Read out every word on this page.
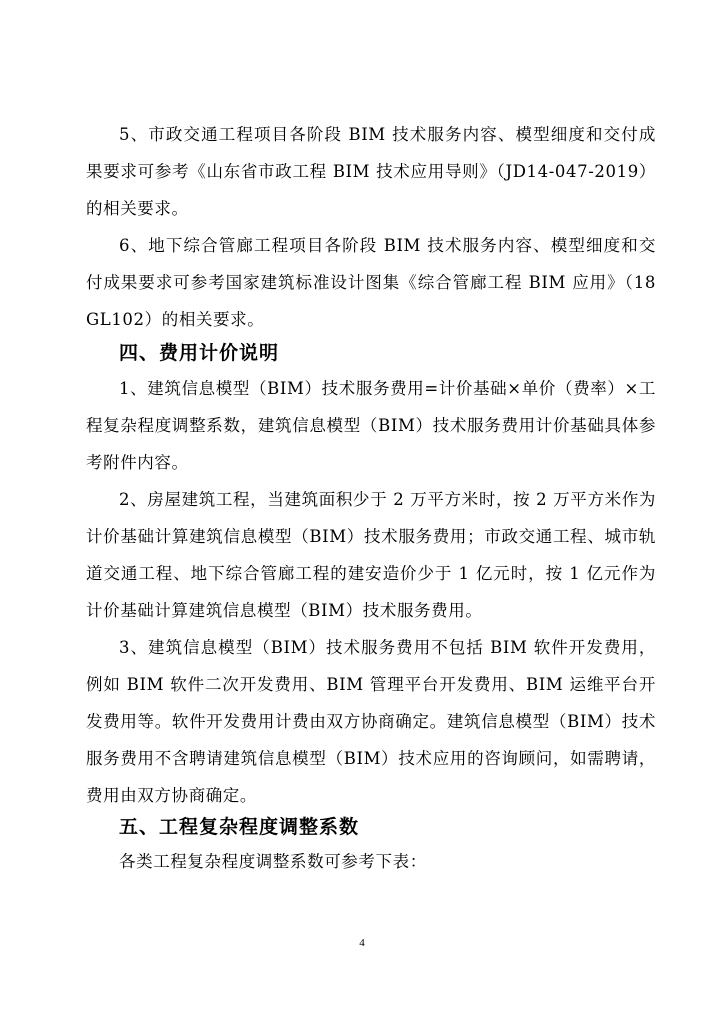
5、市政交通工程项目各阶段 BIM 技术服务内容、模型细度和交付成果要求可参考《山东省市政工程 BIM 技术应用导则》（JD14-047-2019）的相关要求。

6、地下综合管廊工程项目各阶段 BIM 技术服务内容、模型细度和交付成果要求可参考国家建筑标准设计图集《综合管廊工程 BIM 应用》（18GL102）的相关要求。

四、费用计价说明

1、建筑信息模型（BIM）技术服务费用=计价基础×单价（费率）×工程复杂程度调整系数，建筑信息模型（BIM）技术服务费用计价基础具体参考附件内容。

2、房屋建筑工程，当建筑面积少于 2 万平方米时，按 2 万平方米作为计价基础计算建筑信息模型（BIM）技术服务费用；市政交通工程、城市轨道交通工程、地下综合管廊工程的建安造价少于 1 亿元时，按 1 亿元作为计价基础计算建筑信息模型（BIM）技术服务费用。

3、建筑信息模型（BIM）技术服务费用不包括 BIM 软件开发费用，例如 BIM 软件二次开发费用、BIM 管理平台开发费用、BIM 运维平台开发费用等。软件开发费用计费由双方协商确定。建筑信息模型（BIM）技术服务费用不含聘请建筑信息模型（BIM）技术应用的咨询顾问，如需聘请，费用由双方协商确定。

五、工程复杂程度调整系数

各类工程复杂程度调整系数可参考下表：

4
